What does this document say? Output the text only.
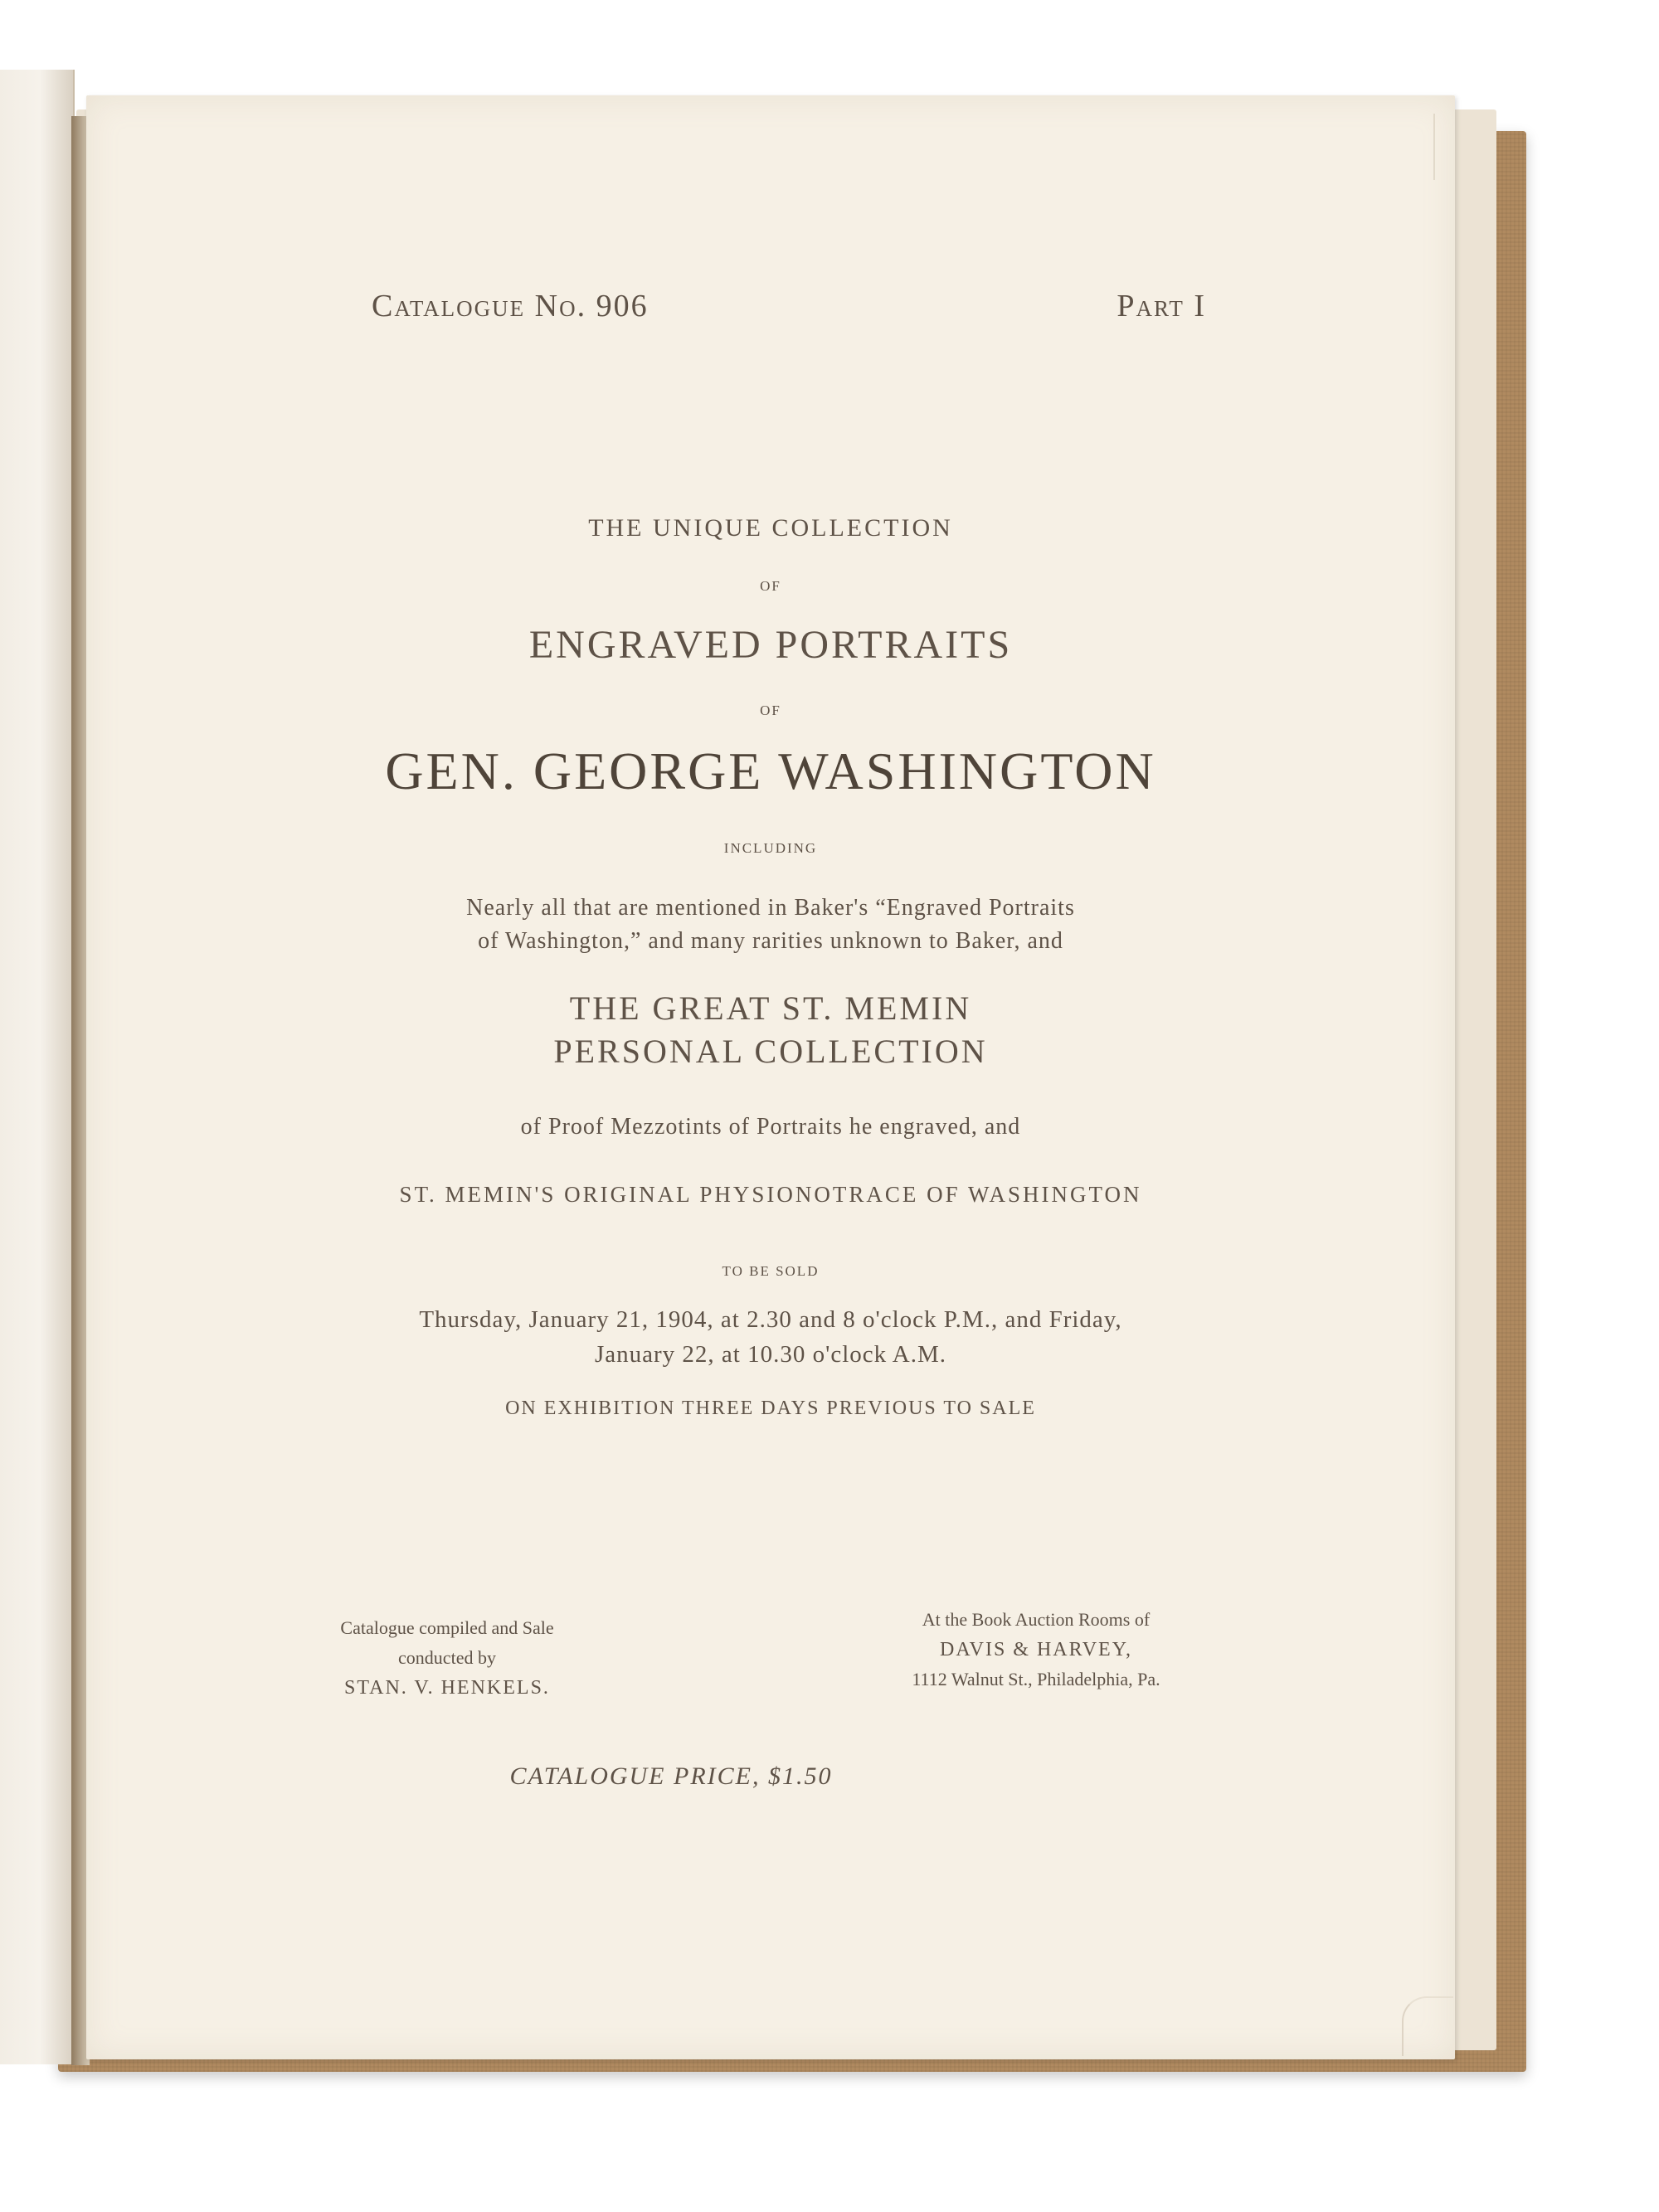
Catalogue No. 906	Part I
THE UNIQUE COLLECTION
OF
ENGRAVED PORTRAITS
OF
GEN. GEORGE WASHINGTON
INCLUDING
Nearly all that are mentioned in Baker's “Engraved Portraits
of Washington,” and many rarities unknown to Baker, and
THE GREAT ST. MEMIN
PERSONAL COLLECTION
of Proof Mezzotints of Portraits he engraved, and
ST. MEMIN'S ORIGINAL PHYSIONOTRACE OF WASHINGTON
TO BE SOLD
Thursday, January 21, 1904, at 2.30 and 8 o'clock P.M., and Friday,
January 22, at 10.30 o'clock A.M.
ON EXHIBITION THREE DAYS PREVIOUS TO SALE
Catalogue compiled and Sale
conducted by
STAN. V. HENKELS.
At the Book Auction Rooms of
DAVIS & HARVEY,
1112 Walnut St., Philadelphia, Pa.
CATALOGUE PRICE, $1.50
